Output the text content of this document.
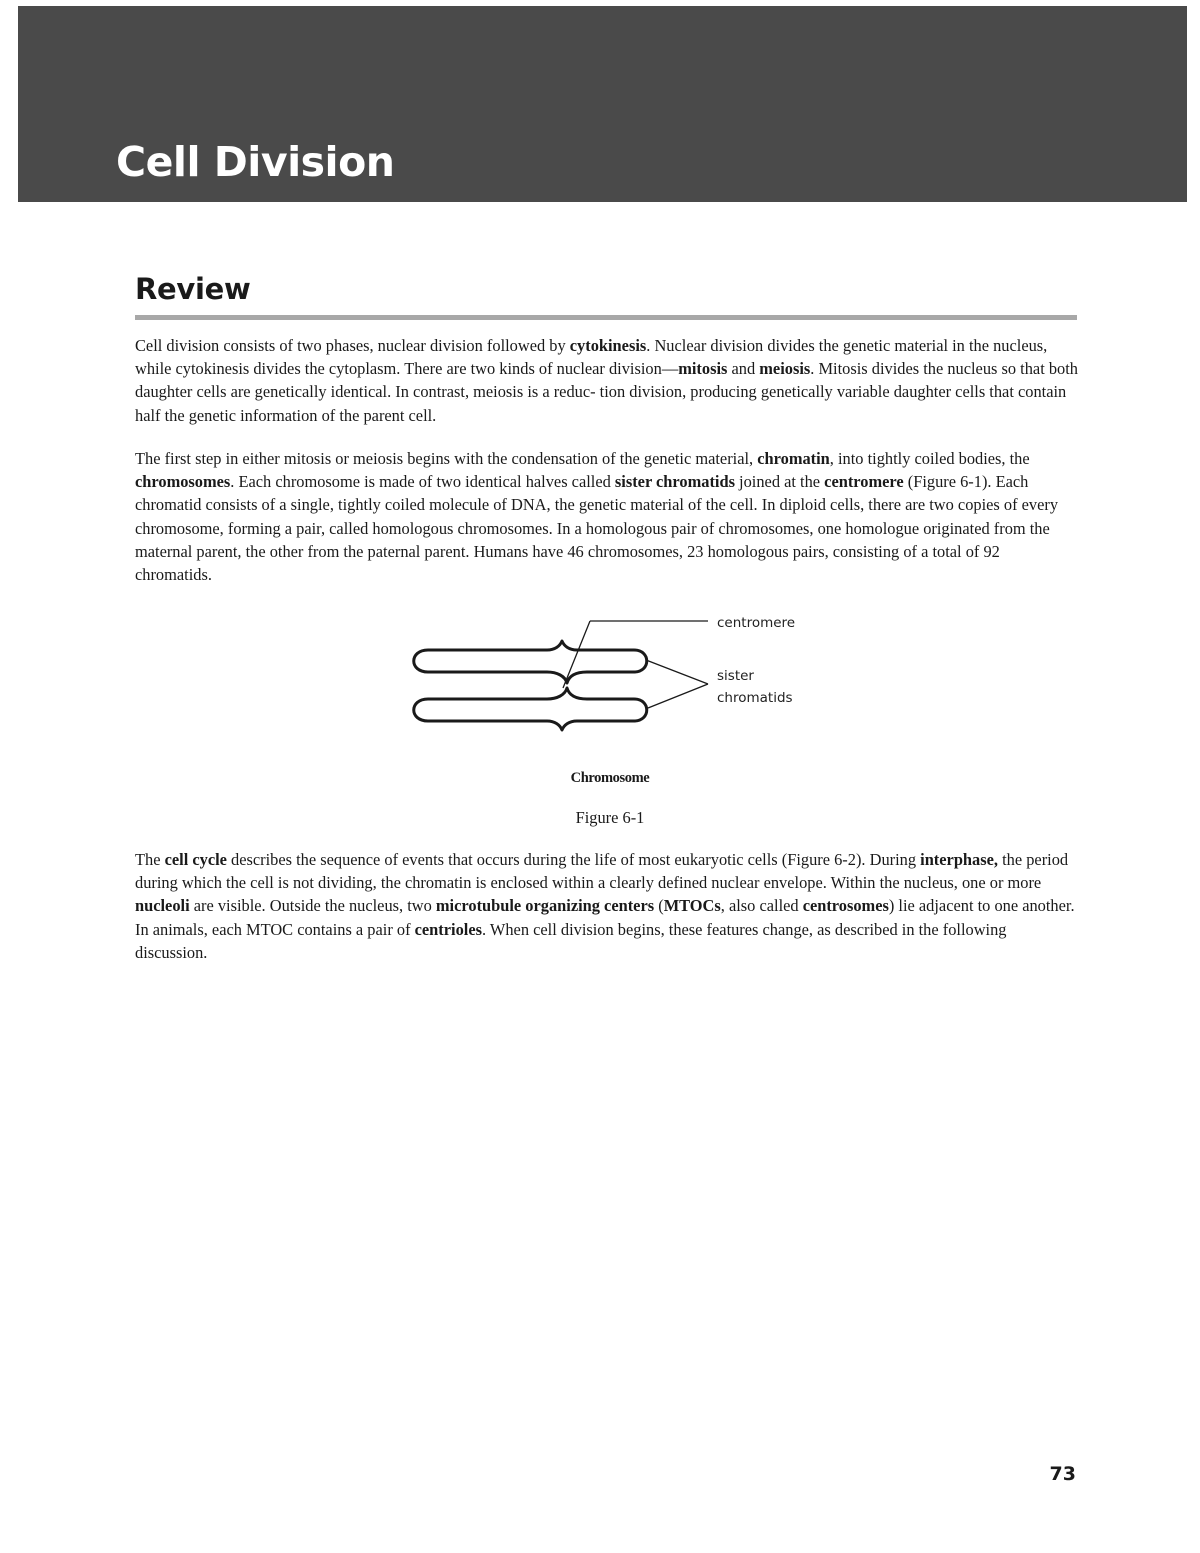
Cell Division
Review

Cell division consists of two phases, nuclear division followed by cytokinesis. Nuclear division divides the genetic material in the nucleus, while cytokinesis divides the cytoplasm. There are two kinds of nuclear division—mitosis and meiosis. Mitosis divides the nucleus so that both daughter cells are genetically identical. In contrast, meiosis is a reduc- tion division, producing genetically variable daughter cells that contain half the genetic information of the parent cell.

The first step in either mitosis or meiosis begins with the condensation of the genetic material, chromatin, into tightly coiled bodies, the chromosomes. Each chromosome is made of two identical halves called sister chromatids joined at the centromere (Figure 6-1). Each chromatid consists of a single, tightly coiled molecule of DNA, the genetic material of the cell. In diploid cells, there are two copies of every chromosome, forming a pair, called homologous chromosomes. In a homologous pair of chromosomes, one homologue originated from the maternal parent, the other from the paternal parent. Humans have 46 chromosomes, 23 homologous pairs, consisting of a total of 92 chromatids.

centromere

sister
chromatids

Chromosome

Figure 6-1

The cell cycle describes the sequence of events that occurs during the life of most eukaryotic cells (Figure 6-2). During interphase, the period during which the cell is not dividing, the chromatin is enclosed within a clearly defined nuclear envelope. Within the nucleus, one or more nucleoli are visible. Outside the nucleus, two microtubule organizing centers (MTOCs, also called centrosomes) lie adjacent to one another. In animals, each MTOC contains a pair of centrioles. When cell division begins, these features change, as described in the following discussion.

73
